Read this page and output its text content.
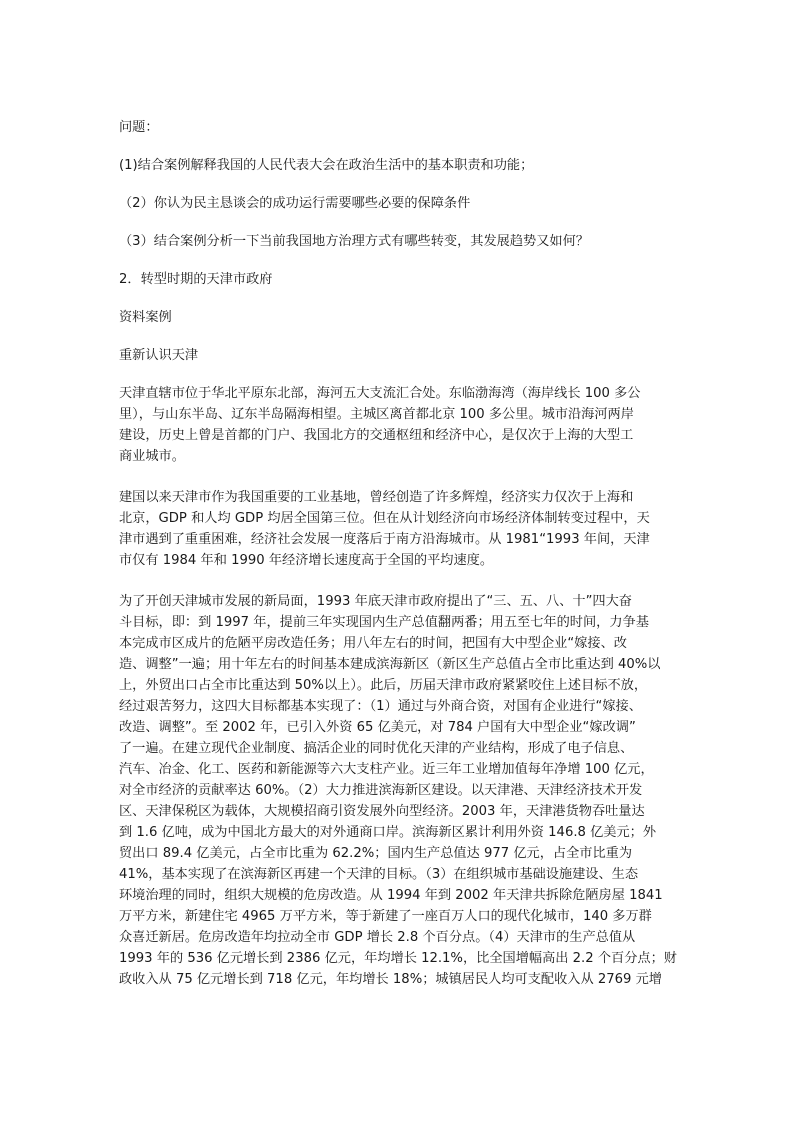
问题：

(1)结合案例解释我国的人民代表大会在政治生活中的基本职责和功能；

（2）你认为民主恳谈会的成功运行需要哪些必要的保障条件

（3）结合案例分析一下当前我国地方治理方式有哪些转变，其发展趋势又如何？

2．转型时期的天津市政府

资料案例

重新认识天津

天津直辖市位于华北平原东北部，海河五大支流汇合处。东临渤海湾（海岸线长 100 多公

里），与山东半岛、辽东半岛隔海相望。主城区离首都北京 100 多公里。城市沿海河两岸

建设，历史上曾是首都的门户、我国北方的交通枢纽和经济中心，是仅次于上海的大型工

商业城市。

建国以来天津市作为我国重要的工业基地，曾经创造了许多辉煌，经济实力仅次于上海和

北京，GDP 和人均 GDP 均居全国第三位。但在从计划经济向市场经济体制转变过程中，天

津市遇到了重重困难，经济社会发展一度落后于南方沿海城市。从 1981“1993 年间，天津

市仅有 1984 年和 1990 年经济增长速度高于全国的平均速度。

为了开创天津城市发展的新局面，1993 年底天津市政府提出了“三、五、八、十”四大奋

斗目标，即：到 1997 年，提前三年实现国内生产总值翻两番；用五至七年的时间，力争基

本完成市区成片的危陋平房改造任务；用八年左右的时间，把国有大中型企业“嫁接、改

造、调整”一遍；用十年左右的时间基本建成滨海新区（新区生产总值占全市比重达到 40%以

上，外贸出口占全市比重达到 50%以上）。此后，历届天津市政府紧紧咬住上述目标不放，

经过艰苦努力，这四大目标都基本实现了：（1）通过与外商合资，对国有企业进行“嫁接、

改造、调整”。至 2002 年，已引入外资 65 亿美元，对 784 户国有大中型企业“嫁改调”

了一遍。在建立现代企业制度、搞活企业的同时优化天津的产业结构，形成了电子信息、

汽车、冶金、化工、医药和新能源等六大支柱产业。近三年工业增加值每年净增 100 亿元，

对全市经济的贡献率达 60%。（2）大力推进滨海新区建设。以天津港、天津经济技术开发

区、天津保税区为载体，大规模招商引资发展外向型经济。2003 年，天津港货物吞吐量达

到 1.6 亿吨，成为中国北方最大的对外通商口岸。滨海新区累计利用外资 146.8 亿美元；外

贸出口 89.4 亿美元，占全市比重为 62.2%；国内生产总值达 977 亿元，占全市比重为

41%，基本实现了在滨海新区再建一个天津的目标。（3）在组织城市基础设施建设、生态

环境治理的同时，组织大规模的危房改造。从 1994 年到 2002 年天津共拆除危陋房屋 1841

万平方米，新建住宅 4965 万平方米，等于新建了一座百万人口的现代化城市，140 多万群

众喜迁新居。危房改造年均拉动全市 GDP 增长 2.8 个百分点。（4）天津市的生产总值从

1993 年的 536 亿元增长到 2386 亿元，年均增长 12.1%，比全国增幅高出 2.2 个百分点；财

政收入从 75 亿元增长到 718 亿元，年均增长 18%；城镇居民人均可支配收入从 2769 元增
